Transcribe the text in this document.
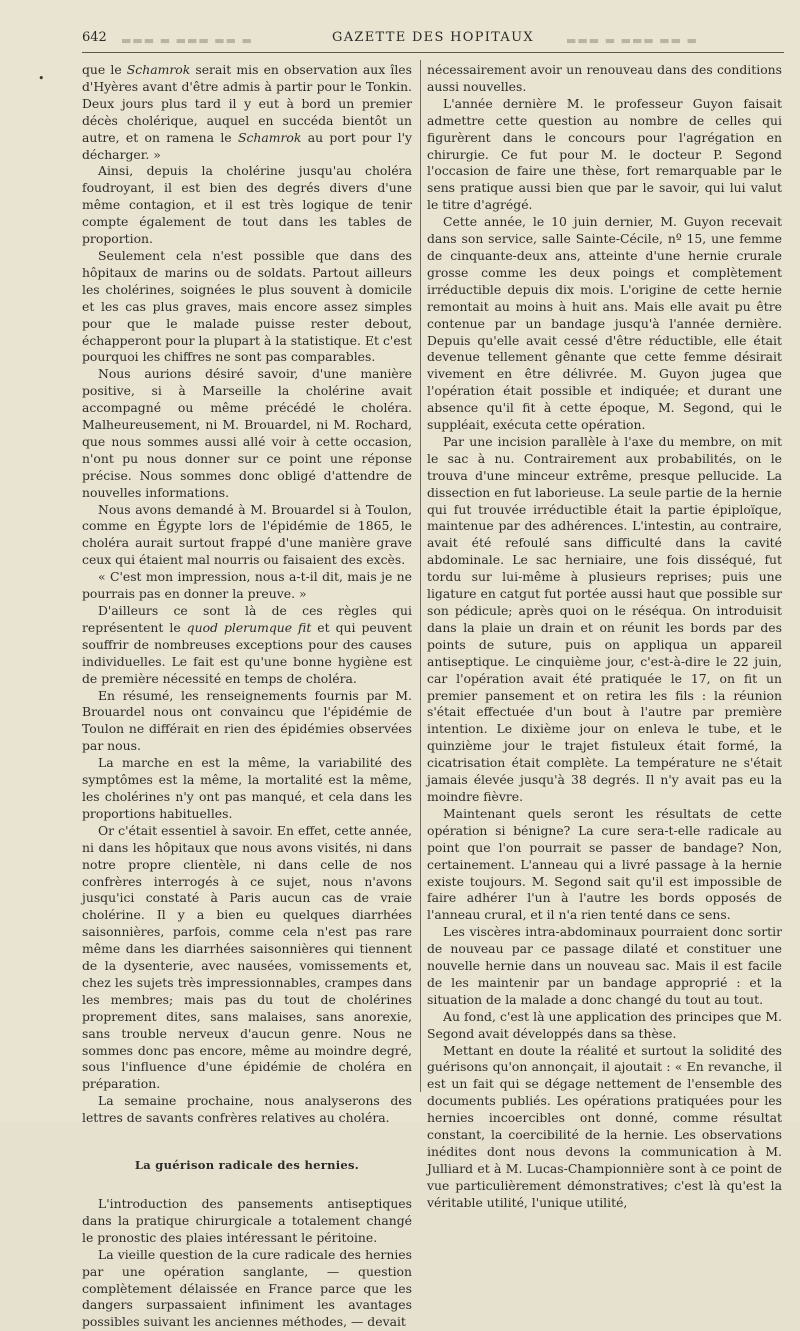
▬ ▬▬ ▬▬▬ ▬ ▬▬▬	▬ ▬▬ ▬▬▬ ▬ ▬▬▬
642	GAZETTE DES HOPITAUX
•

que le Schamrok serait mis en observation aux îles d'Hyères avant d'être admis à partir pour le Tonkin. Deux jours plus tard il y eut à bord un premier décès cholérique, auquel en succéda bientôt un autre, et on ramena le Schamrok au port pour l'y décharger. »

Ainsi, depuis la cholérine jusqu'au choléra foudroyant, il est bien des degrés divers d'une même contagion, et il est très logique de tenir compte également de tout dans les tables de proportion.

Seulement cela n'est possible que dans des hôpitaux de marins ou de soldats. Partout ailleurs les cholérines, soignées le plus souvent à domicile et les cas plus graves, mais encore assez simples pour que le malade puisse rester debout, échapperont pour la plupart à la statistique. Et c'est pourquoi les chiffres ne sont pas comparables.

Nous aurions désiré savoir, d'une manière positive, si à Marseille la cholérine avait accompagné ou même précédé le choléra. Malheureusement, ni M. Brouardel, ni M. Rochard, que nous sommes aussi allé voir à cette occasion, n'ont pu nous donner sur ce point une réponse précise. Nous sommes donc obligé d'attendre de nouvelles informations.

Nous avons demandé à M. Brouardel si à Toulon, comme en Égypte lors de l'épidémie de 1865, le choléra aurait surtout frappé d'une manière grave ceux qui étaient mal nourris ou faisaient des excès.

« C'est mon impression, nous a-t-il dit, mais je ne pourrais pas en donner la preuve. »

D'ailleurs ce sont là de ces règles qui représentent le quod plerumque fit et qui peuvent souffrir de nombreuses exceptions pour des causes individuelles. Le fait est qu'une bonne hygiène est de première nécessité en temps de choléra.

En résumé, les renseignements fournis par M. Brouardel nous ont convaincu que l'épidémie de Toulon ne différait en rien des épidémies observées par nous.

La marche en est la même, la variabilité des symptômes est la même, la mortalité est la même, les cholérines n'y ont pas manqué, et cela dans les proportions habituelles.

Or c'était essentiel à savoir. En effet, cette année, ni dans les hôpitaux que nous avons visités, ni dans notre propre clientèle, ni dans celle de nos confrères interrogés à ce sujet, nous n'avons jusqu'ici constaté à Paris aucun cas de vraie cholérine. Il y a bien eu quelques diarrhées saisonnières, parfois, comme cela n'est pas rare même dans les diarrhées saisonnières qui tiennent de la dysenterie, avec nausées, vomissements et, chez les sujets très impressionnables, crampes dans les membres; mais pas du tout de cholérines proprement dites, sans malaises, sans anorexie, sans trouble nerveux d'aucun genre. Nous ne sommes donc pas encore, même au moindre degré, sous l'influence d'une épidémie de choléra en préparation.

La semaine prochaine, nous analyserons des lettres de savants confrères relatives au choléra.

La guérison radicale des hernies.

L'introduction des pansements antiseptiques dans la pratique chirurgicale a totalement changé le pronostic des plaies intéressant le péritoine.

La vieille question de la cure radicale des hernies par une opération sanglante, — question complètement délaissée en France parce que les dangers surpassaient infiniment les avantages possibles suivant les anciennes méthodes, — devait

nécessairement avoir un renouveau dans des conditions aussi nouvelles.

L'année dernière M. le professeur Guyon faisait admettre cette question au nombre de celles qui figurèrent dans le concours pour l'agrégation en chirurgie. Ce fut pour M. le docteur P. Segond l'occasion de faire une thèse, fort remarquable par le sens pratique aussi bien que par le savoir, qui lui valut le titre d'agrégé.

Cette année, le 10 juin dernier, M. Guyon recevait dans son service, salle Sainte-Cécile, nº 15, une femme de cinquante-deux ans, atteinte d'une hernie crurale grosse comme les deux poings et complètement irréductible depuis dix mois. L'origine de cette hernie remontait au moins à huit ans. Mais elle avait pu être contenue par un bandage jusqu'à l'année dernière. Depuis qu'elle avait cessé d'être réductible, elle était devenue tellement gênante que cette femme désirait vivement en être délivrée. M. Guyon jugea que l'opération était possible et indiquée; et durant une absence qu'il fit à cette époque, M. Segond, qui le suppléait, exécuta cette opération.

Par une incision parallèle à l'axe du membre, on mit le sac à nu. Contrairement aux probabilités, on le trouva d'une minceur extrême, presque pellucide. La dissection en fut laborieuse. La seule partie de la hernie qui fut trouvée irréductible était la partie épiploïque, maintenue par des adhérences. L'intestin, au contraire, avait été refoulé sans difficulté dans la cavité abdominale. Le sac herniaire, une fois disséqué, fut tordu sur lui-même à plusieurs reprises; puis une ligature en catgut fut portée aussi haut que possible sur son pédicule; après quoi on le réséqua. On introduisit dans la plaie un drain et on réunit les bords par des points de suture, puis on appliqua un appareil antiseptique. Le cinquième jour, c'est-à-dire le 22 juin, car l'opération avait été pratiquée le 17, on fit un premier pansement et on retira les fils : la réunion s'était effectuée d'un bout à l'autre par première intention. Le dixième jour on enleva le tube, et le quinzième jour le trajet fistuleux était formé, la cicatrisation était complète. La température ne s'était jamais élevée jusqu'à 38 degrés. Il n'y avait pas eu la moindre fièvre.

Maintenant quels seront les résultats de cette opération si bénigne? La cure sera-t-elle radicale au point que l'on pourrait se passer de bandage? Non, certainement. L'anneau qui a livré passage à la hernie existe toujours. M. Segond sait qu'il est impossible de faire adhérer l'un à l'autre les bords opposés de l'anneau crural, et il n'a rien tenté dans ce sens.

Les viscères intra-abdominaux pourraient donc sortir de nouveau par ce passage dilaté et constituer une nouvelle hernie dans un nouveau sac. Mais il est facile de les maintenir par un bandage approprié : et la situation de la malade a donc changé du tout au tout.

Au fond, c'est là une application des principes que M. Segond avait développés dans sa thèse.

Mettant en doute la réalité et surtout la solidité des guérisons qu'on annonçait, il ajoutait : « En revanche, il est un fait qui se dégage nettement de l'ensemble des documents publiés. Les opérations pratiquées pour les hernies incoercibles ont donné, comme résultat constant, la coercibilité de la hernie. Les observations inédites dont nous devons la communication à M. Julliard et à M. Lucas-Championnière sont à ce point de vue particulièrement démonstratives; c'est là qu'est la véritable utilité, l'unique utilité,
